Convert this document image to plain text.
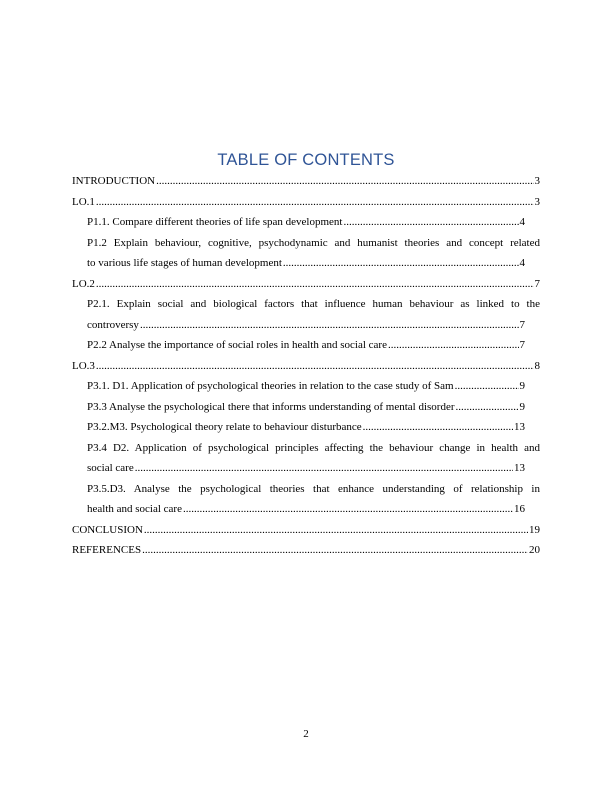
TABLE OF CONTENTS
INTRODUCTION .....	3
LO.1 .....	3
P1.1. Compare different theories of life span development .....	4
P1.2 Explain behaviour, cognitive, psychodynamic and humanist theories and concept related
to various life stages of human development .....	4
LO.2 .....	7
P2.1. Explain social and biological factors that influence human behaviour as linked to the
controversy .....	7
P2.2 Analyse the importance of social roles in health and social care .....	7
LO.3 .....	8
P3.1. D1. Application of psychological theories in relation to the case study of Sam .....	9
P3.3 Analyse the psychological there that informs understanding of mental disorder .....	9
P3.2.M3. Psychological theory relate to behaviour disturbance .....	13
P3.4 D2. Application of psychological principles affecting the behaviour change in health and
social care .....	13
P3.5.D3. Analyse the psychological theories that enhance understanding of relationship in
health and social care .....	16
CONCLUSION .....	19
REFERENCES .....	20
2
